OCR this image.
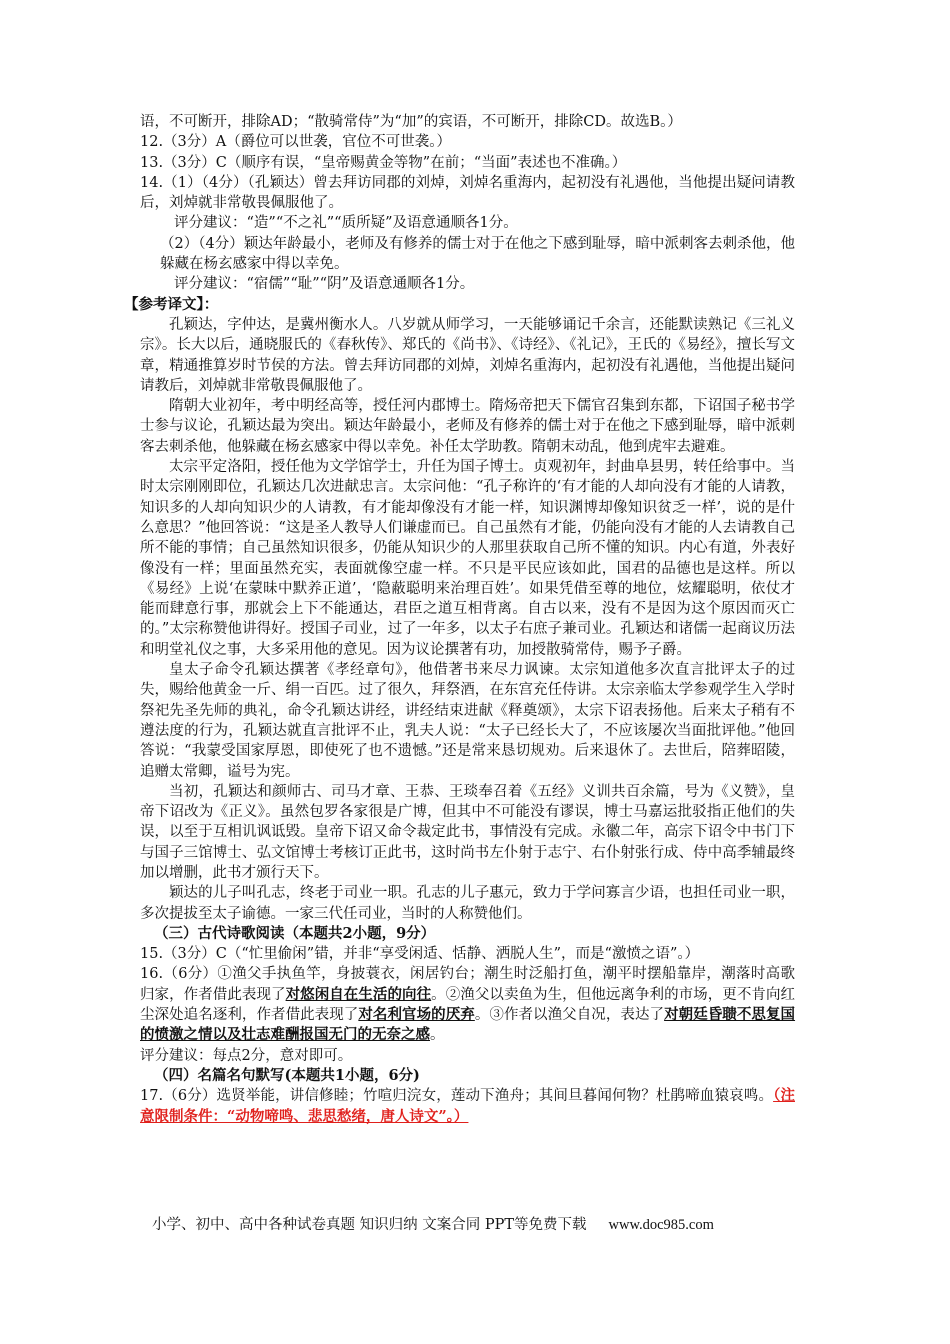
语，不可断开，排除AD；“散骑常侍”为“加”的宾语，不可断开，排除CD。故选B。）

12.（3分）A（爵位可以世袭，官位不可世袭。）

13.（3分）C（顺序有误，“皇帝赐黄金等物”在前；“当面”表述也不准确。）

14.（1）（4分）（孔颖达）曾去拜访同郡的刘焯，刘焯名重海内，起初没有礼遇他，当他提出疑问请教后，刘焯就非常敬畏佩服他了。

评分建议：“造”“不之礼”“质所疑”及语意通顺各1分。

（2）（4分）颖达年龄最小，老师及有修养的儒士对于在他之下感到耻辱，暗中派刺客去刺杀他，他躲藏在杨玄感家中得以幸免。

评分建议：“宿儒”“耻”“阴”及语意通顺各1分。

【参考译文】：

孔颖达，字仲达，是冀州衡水人。八岁就从师学习，一天能够诵记千余言，还能默读熟记《三礼义宗》。长大以后，通晓服氏的《春秋传》、郑氏的《尚书》、《诗经》、《礼记》，王氏的《易经》，擅长写文章，精通推算岁时节侯的方法。曾去拜访同郡的刘焯，刘焯名重海内，起初没有礼遇他，当他提出疑问请教后，刘焯就非常敬畏佩服他了。

隋朝大业初年，考中明经高等，授任河内郡博士。隋炀帝把天下儒官召集到东都，下诏国子秘书学士参与议论，孔颖达最为突出。颖达年龄最小，老师及有修养的儒士对于在他之下感到耻辱，暗中派刺客去刺杀他，他躲藏在杨玄感家中得以幸免。补任太学助教。隋朝末动乱，他到虎牢去避难。

太宗平定洛阳，授任他为文学馆学士，升任为国子博士。贞观初年，封曲阜县男，转任给事中。当时太宗刚刚即位，孔颖达几次进献忠言。太宗问他：“孔子称许的‘有才能的人却向没有才能的人请教，知识多的人却向知识少的人请教，有才能却像没有才能一样，知识渊博却像知识贫乏一样’，说的是什么意思？”他回答说：“这是圣人教导人们谦虚而已。自己虽然有才能，仍能向没有才能的人去请教自己所不能的事情；自己虽然知识很多，仍能从知识少的人那里获取自己所不懂的知识。内心有道，外表好像没有一样；里面虽然充实，表面就像空虚一样。不只是平民应该如此，国君的品德也是这样。所以《易经》上说‘在蒙昧中默养正道’，‘隐蔽聪明来治理百姓’。如果凭借至尊的地位，炫耀聪明，依仗才能而肆意行事，那就会上下不能通达，君臣之道互相背离。自古以来，没有不是因为这个原因而灭亡的。”太宗称赞他讲得好。授国子司业，过了一年多，以太子右庶子兼司业。孔颖达和诸儒一起商议历法和明堂礼仪之事，大多采用他的意见。因为议论撰著有功，加授散骑常侍，赐予子爵。

皇太子命令孔颖达撰著《孝经章句》，他借著书来尽力讽谏。太宗知道他多次直言批评太子的过失，赐给他黄金一斤、绢一百匹。过了很久，拜祭酒，在东宫充任侍讲。太宗亲临太学参观学生入学时祭祀先圣先师的典礼，命令孔颖达讲经，讲经结束进献《释奠颂》，太宗下诏表扬他。后来太子稍有不遵法度的行为，孔颖达就直言批评不止，乳夫人说：“太子已经长大了，不应该屡次当面批评他。”他回答说：“我蒙受国家厚恩，即使死了也不遗憾。”还是常来恳切规劝。后来退休了。去世后，陪葬昭陵，追赠太常卿，谥号为宪。

当初，孔颖达和颜师古、司马才章、王恭、王琰奉召着《五经》义训共百余篇，号为《义赞》，皇帝下诏改为《正义》。虽然包罗各家很是广博，但其中不可能没有谬误，博士马嘉运批驳指正他们的失误，以至于互相讥讽诋毁。皇帝下诏又命令裁定此书，事情没有完成。永徽二年，高宗下诏令中书门下与国子三馆博士、弘文馆博士考核订正此书，这时尚书左仆射于志宁、右仆射张行成、侍中高季辅最终加以增删，此书才颁行天下。

颖达的儿子叫孔志，终老于司业一职。孔志的儿子惠元，致力于学问寡言少语，也担任司业一职，多次提拔至太子谕德。一家三代任司业，当时的人称赞他们。

（三）古代诗歌阅读（本题共2小题，9分）

15.（3分）C（“忙里偷闲”错，并非“享受闲适、恬静、洒脱人生”，而是“激愤之语”。）

16.（6分）①渔父手执鱼竿，身披蓑衣，闲居钓台；潮生时泛船打鱼，潮平时摆船靠岸，潮落时高歌归家，作者借此表现了对悠闲自在生活的向往。②渔父以卖鱼为生，但他远离争利的市场，更不肯向红尘深处追名逐利，作者借此表现了对名利官场的厌弃。③作者以渔父自况，表达了对朝廷昏聩不思复国的愤激之情以及壮志难酬报国无门的无奈之感。

评分建议：每点2分，意对即可。

（四）名篇名句默写(本题共1小题，6分)

17.（6分）选贤举能，讲信修睦；竹喧归浣女，莲动下渔舟；其间旦暮闻何物？杜鹃啼血猿哀鸣。（注意限制条件：“动物啼鸣、悲思愁绪，唐人诗文”。）

小学、初中、高中各种试卷真题 知识归纳 文案合同 PPT等免费下载 www.doc985.com
